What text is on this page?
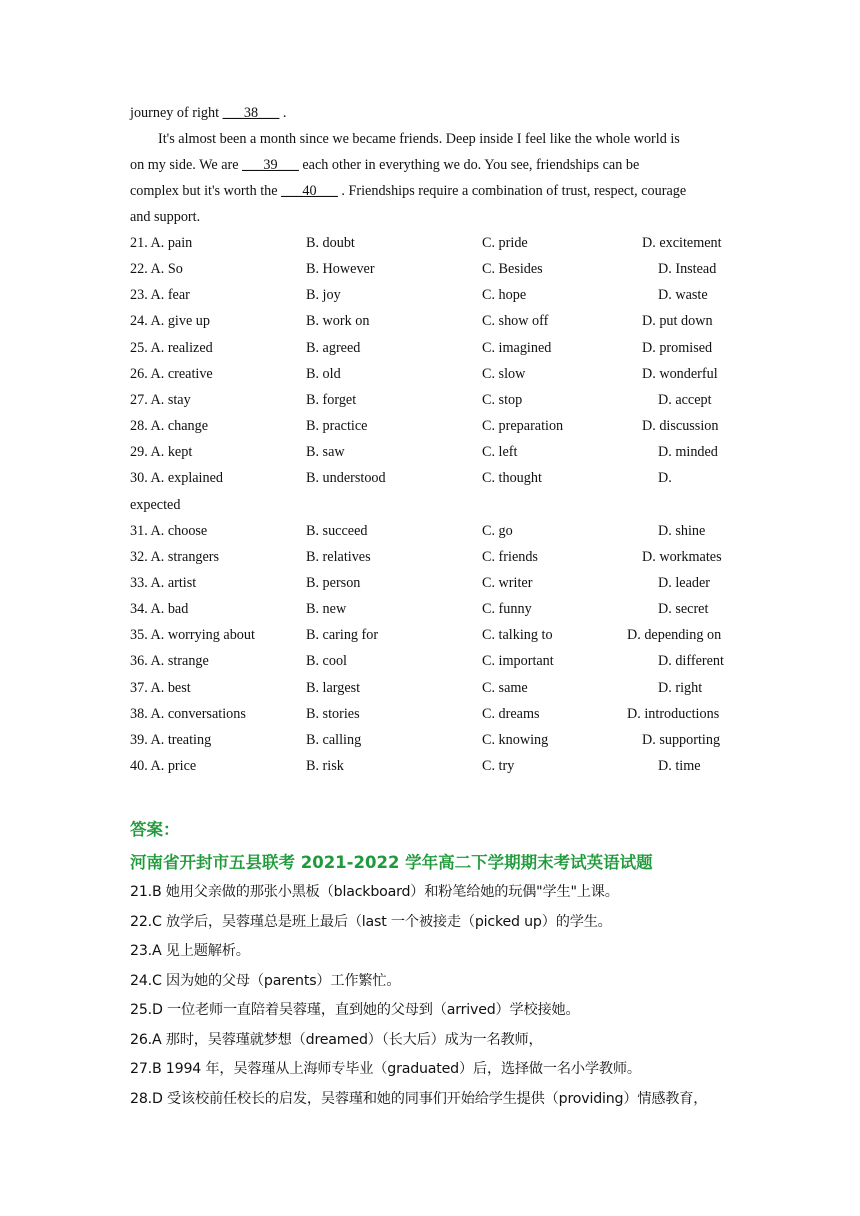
journey of right ___38___ .
It's almost been a month since we became friends. Deep inside I feel like the whole world is
on my side. We are ___39___ each other in everything we do. You see, friendships can be
complex but it's worth the ___40___ . Friendships require a combination of trust, respect, courage
and support.
21. A. pain	B. doubt	C. pride	D. excitement
22. A. So	B. However	C. Besides	D. Instead
23. A. fear	B. joy	C. hope	D. waste
24. A. give up	B. work on	C. show off	D. put down
25. A. realized	B. agreed	C. imagined	D. promised
26. A. creative	B. old	C. slow	D. wonderful
27. A. stay	B. forget	C. stop	D. accept
28. A. change	B. practice	C. preparation	D. discussion
29. A. kept	B. saw	C. left	D. minded
30. A. explained	B. understood	C. thought	D.
expected
31. A. choose	B. succeed	C. go	D. shine
32. A. strangers	B. relatives	C. friends	D. workmates
33. A. artist	B. person	C. writer	D. leader
34. A. bad	B. new	C. funny	D. secret
35. A. worrying about	B. caring for	C. talking to	D. depending on
36. A. strange	B. cool	C. important	D. different
37. A. best	B. largest	C. same	D. right
38. A. conversations	B. stories	C. dreams	D. introductions
39. A. treating	B. calling	C. knowing	D. supporting
40. A. price	B. risk	C. try	D. time
答案：
河南省开封市五县联考 2021-2022 学年高二下学期期末考试英语试题
21.B 她用父亲做的那张小黑板（blackboard）和粉笔给她的玩偶"学生"上课。
22.C 放学后，吴蓉瑾总是班上最后（last 一个被接走（picked up）的学生。
23.A 见上题解析。
24.C 因为她的父母（parents）工作繁忙。
25.D 一位老师一直陪着吴蓉瑾，直到她的父母到（arrived）学校接她。
26.A 那时，吴蓉瑾就梦想（dreamed）（长大后）成为一名教师，
27.B 1994 年，吴蓉瑾从上海师专毕业（graduated）后，选择做一名小学教师。
28.D 受该校前任校长的启发，吴蓉瑾和她的同事们开始给学生提供（providing）情感教育，
